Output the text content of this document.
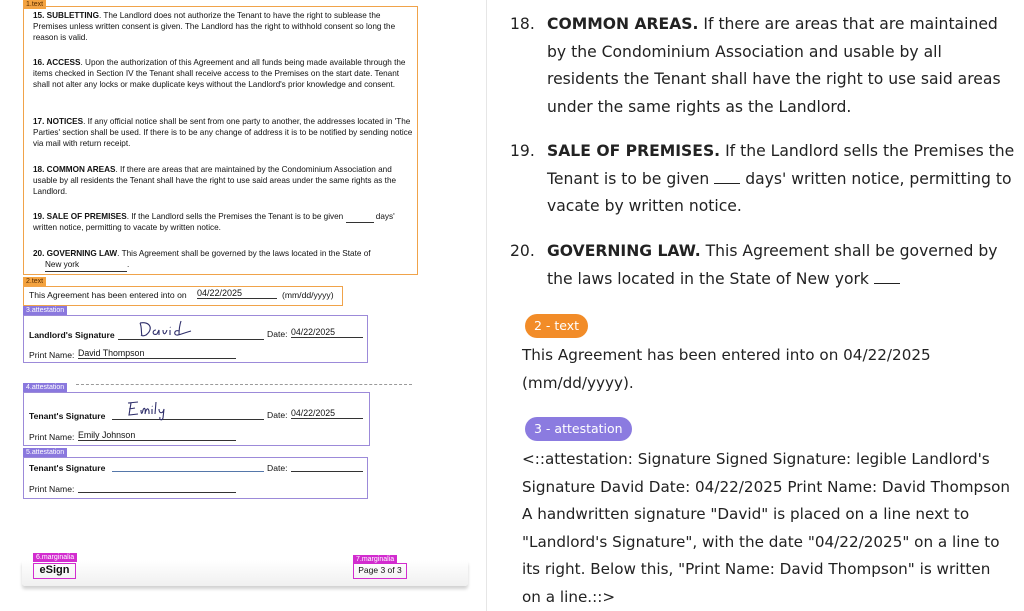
1.text
15. SUBLETTING. The Landlord does not authorize the Tenant to have the right to sublease the Premises unless written consent is given. The Landlord has the right to withhold consent so long the reason is valid.
16. ACCESS. Upon the authorization of this Agreement and all funds being made available through the items checked in Section IV the Tenant shall receive access to the Premises on the start date. Tenant shall not alter any locks or make duplicate keys without the Landlord's prior knowledge and consent.
17. NOTICES. If any official notice shall be sent from one party to another, the addresses located in 'The Parties' section shall be used. If there is to be any change of address it is to be notified by sending notice via mail with return receipt.
18. COMMON AREAS. If there are areas that are maintained by the Condominium Association and usable by all residents the Tenant shall have the right to use said areas under the same rights as the Landlord.
19. SALE OF PREMISES. If the Landlord sells the Premises the Tenant is to be given	days' written notice, permitting to vacate by written notice.
20. GOVERNING LAW. This Agreement shall be governed by the laws located in the State of
New york	.
2.text
This Agreement has been entered into on 04/22/2025	(mm/dd/yyyy)
3.attestation
Landlord's Signature	Date: 04/22/2025
Print Name: David Thompson
4.attestation
Tenant's Signature	Date: 04/22/2025
Print Name: Emily Johnson
5.attestation
Tenant's Signature	Date:
Print Name:
6.marginalia
eSign
7.marginalia
Page 3 of 3
18. COMMON AREAS. If there are areas that are maintained by the Condominium Association and usable by all residents the Tenant shall have the right to use said areas under the same rights as the Landlord.
19. SALE OF PREMISES. If the Landlord sells the Premises the Tenant is to be given days' written notice, permitting to vacate by written notice.
20. GOVERNING LAW. This Agreement shall be governed by the laws located in the State of New york
2 - text
This Agreement has been entered into on 04/22/2025 (mm/dd/yyyy).
3 - attestation
<::attestation: Signature Signed Signature: legible Landlord's Signature David Date: 04/22/2025 Print Name: David Thompson A handwritten signature "David" is placed on a line next to "Landlord's Signature", with the date "04/22/2025" on a line to its right. Below this, "Print Name: David Thompson" is written on a line.::>
